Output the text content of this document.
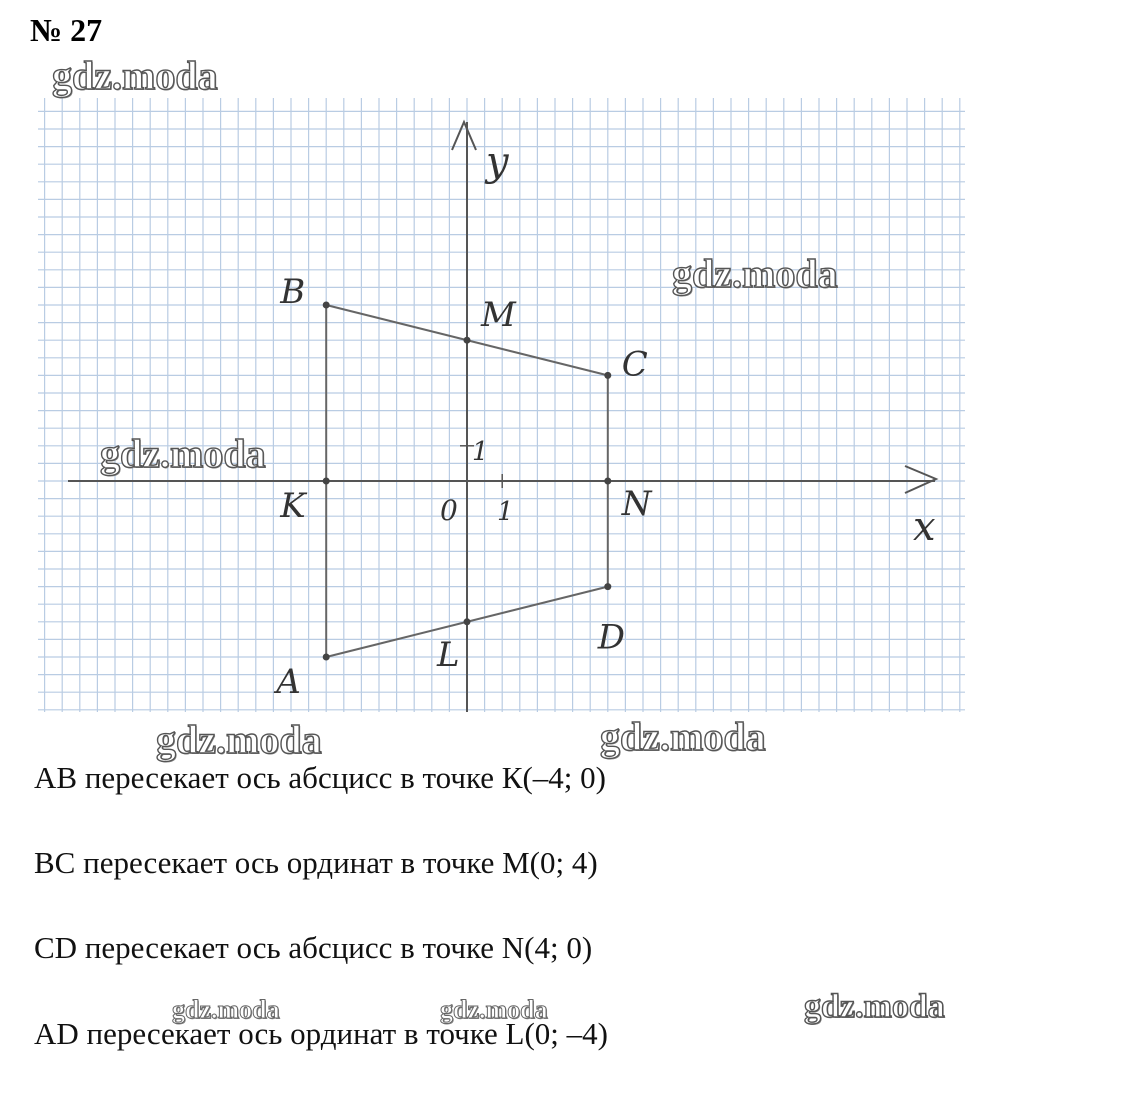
№ 27
y
x
0 1
1
A
B
C
D
K
M
N
L
gdz.moda
gdz.moda
gdz.moda
gdz.moda	gdz.moda
AB пересекает ось абсцисс в точке К(–4; 0)
ВС пересекает ось ординат в точке М(0; 4)
СD пересекает ось абсцисс в точке N(4; 0)
AD пересекает ось ординат в точке L(0; –4)
gdz.moda	gdz.moda	gdz.moda
